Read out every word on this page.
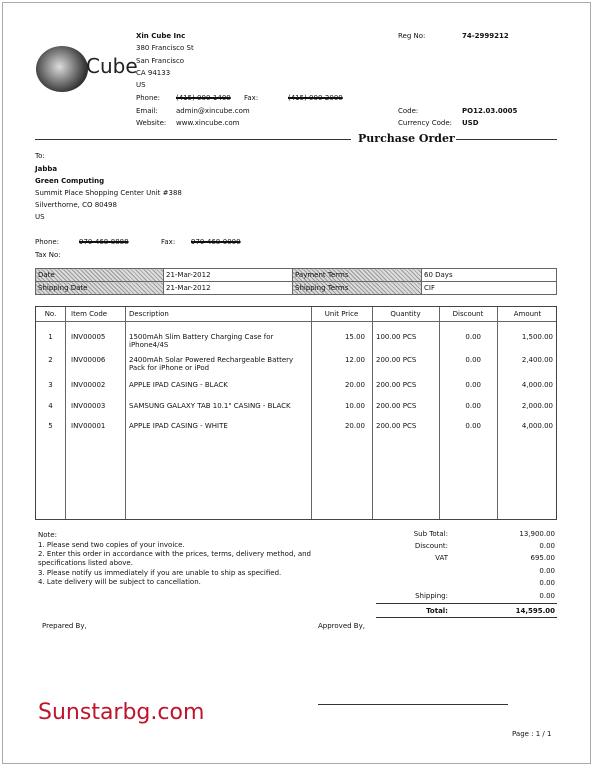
Cube
Xin Cube Inc
380 Francisco St
San Francisco
CA 94133
US
Phone: (415) 000-1400 Fax:	(415) 000-2000
Email:	admin@xincube.com
Website: www.xincube.com
Reg No:	74-2999212
Code:	PO12.03.0005
Currency Code: USD
Purchase Order
To:
Jabba
Green Computing
Summit Place Shopping Center Unit #388
Silverthorne, CO 80498
US
Phone:	970-468-8888	Fax: 970-468-0000
Tax No:
Date	21-Mar-2012	Payment Terms	60 Days
Shipping Date	21-Mar-2012	Shipping Terms	CIF
No.	Item Code	Description	Unit Price	Quantity	Discount	Amount
1	INV00005	1500mAh Slim Battery Charging Case for
iPhone4/4S
15.00 100.00 PCS	0.00	1,500.00
2	INV00006	2400mAh Solar Powered Rechargeable Battery
Pack for iPhone or iPod
12.00 200.00 PCS	0.00	2,400.00
3	INV00002	APPLE IPAD CASING - BLACK	20.00 200.00 PCS	0.00	4,000.00
4	INV00003	SAMSUNG GALAXY TAB 10.1" CASING - BLACK	10.00 200.00 PCS	0.00	2,000.00
5	INV00001	APPLE IPAD CASING - WHITE	20.00 200.00 PCS	0.00	4,000.00
Note:
1. Please send two copies of your invoice.
2. Enter this order in accordance with the prices, terms, delivery method, and
specifications listed above.
3. Please notify us immediately if you are unable to ship as specified.
4. Late delivery will be subject to cancellation.
Sub Total:	13,900.00
Discount:	0.00
VAT	695.00
0.00
0.00
Shipping:	0.00
Total:	14,595.00
Prepared By,	Approved By,
Sunstarbg.com
Page : 1 / 1
